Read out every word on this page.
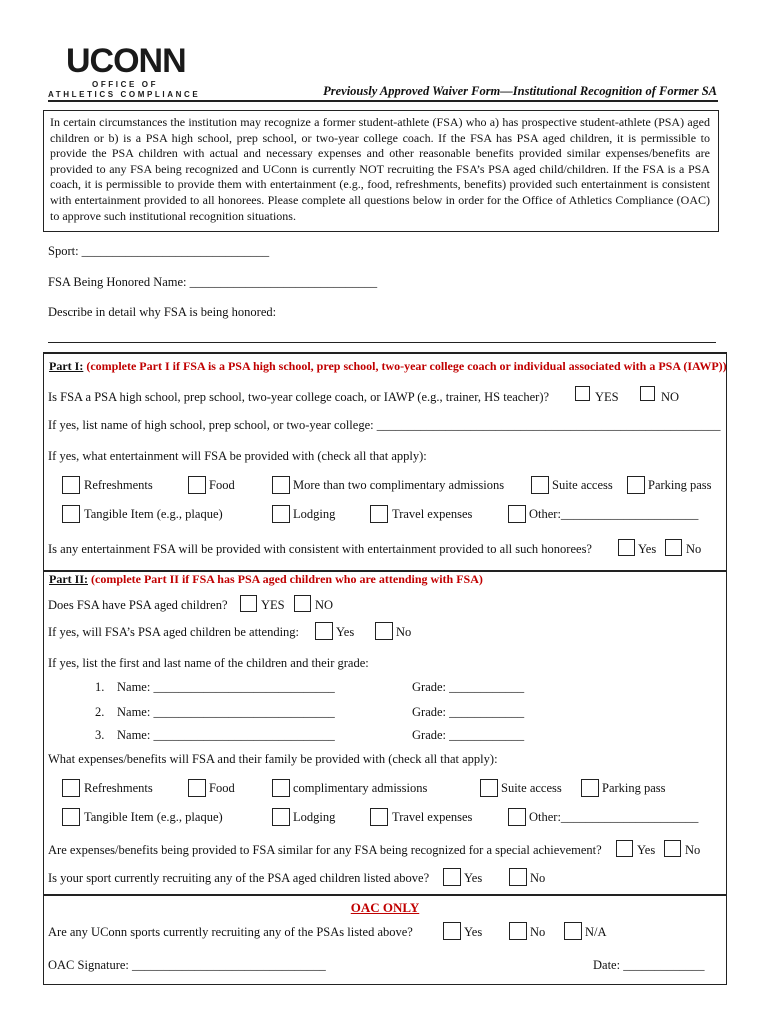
UCONN
OFFICE OF
ATHLETICS COMPLIANCE	Previously Approved Waiver Form—Institutional Recognition of Former SA
In certain circumstances the institution may recognize a former student-athlete (FSA) who a) has prospective student-athlete (PSA) aged children or b) is a PSA high school, prep school, or two-year college coach. If the FSA has PSA aged children, it is permissible to provide the PSA children with actual and necessary expenses and other reasonable benefits provided similar expenses/benefits are provided to any FSA being recognized and UConn is currently NOT recruiting the FSA’s PSA aged child/children. If the FSA is a PSA coach, it is permissible to provide them with entertainment (e.g., food, refreshments, benefits) provided such entertainment is consistent with entertainment provided to all honorees. Please complete all questions below in order for the Office of Athletics Compliance (OAC) to approve such institutional recognition situations.
Sport: ______________________________
FSA Being Honored Name: ______________________________
Describe in detail why FSA is being honored:
Part I: (complete Part I if FSA is a PSA high school, prep school, two-year college coach or individual associated with a PSA (IAWP))
Is FSA a PSA high school, prep school, two-year college coach, or IAWP (e.g., trainer, HS teacher)?	YES	NO
If yes, list name of high school, prep school, or two-year college: _______________________________________________________
If yes, what entertainment will FSA be provided with (check all that apply):
Refreshments	Food	More than two complimentary admissions	Suite access	Parking pass
Tangible Item (e.g., plaque)	Lodging	Travel expenses	Other:______________________
Is any entertainment FSA will be provided with consistent with entertainment provided to all such honorees?	Yes No
Part II: (complete Part II if FSA has PSA aged children who are attending with FSA)
Does FSA have PSA aged children?	YES NO
If yes, will FSA’s PSA aged children be attending:	Yes	No
If yes, list the first and last name of the children and their grade:
1. Name: _____________________________	Grade: ____________
2. Name: _____________________________	Grade: ____________
3. Name: _____________________________	Grade: ____________
What expenses/benefits will FSA and their family be provided with (check all that apply):
Refreshments	Food	complimentary admissions	Suite access	Parking pass
Tangible Item (e.g., plaque)	Lodging	Travel expenses	Other:______________________
Are expenses/benefits being provided to FSA similar for any FSA being recognized for a special achievement?	Yes No
Is your sport currently recruiting any of the PSA aged children listed above?	Yes	No
OAC ONLY
Are any UConn sports currently recruiting any of the PSAs listed above?	Yes	No	N/A
OAC Signature: _______________________________	Date: _____________
